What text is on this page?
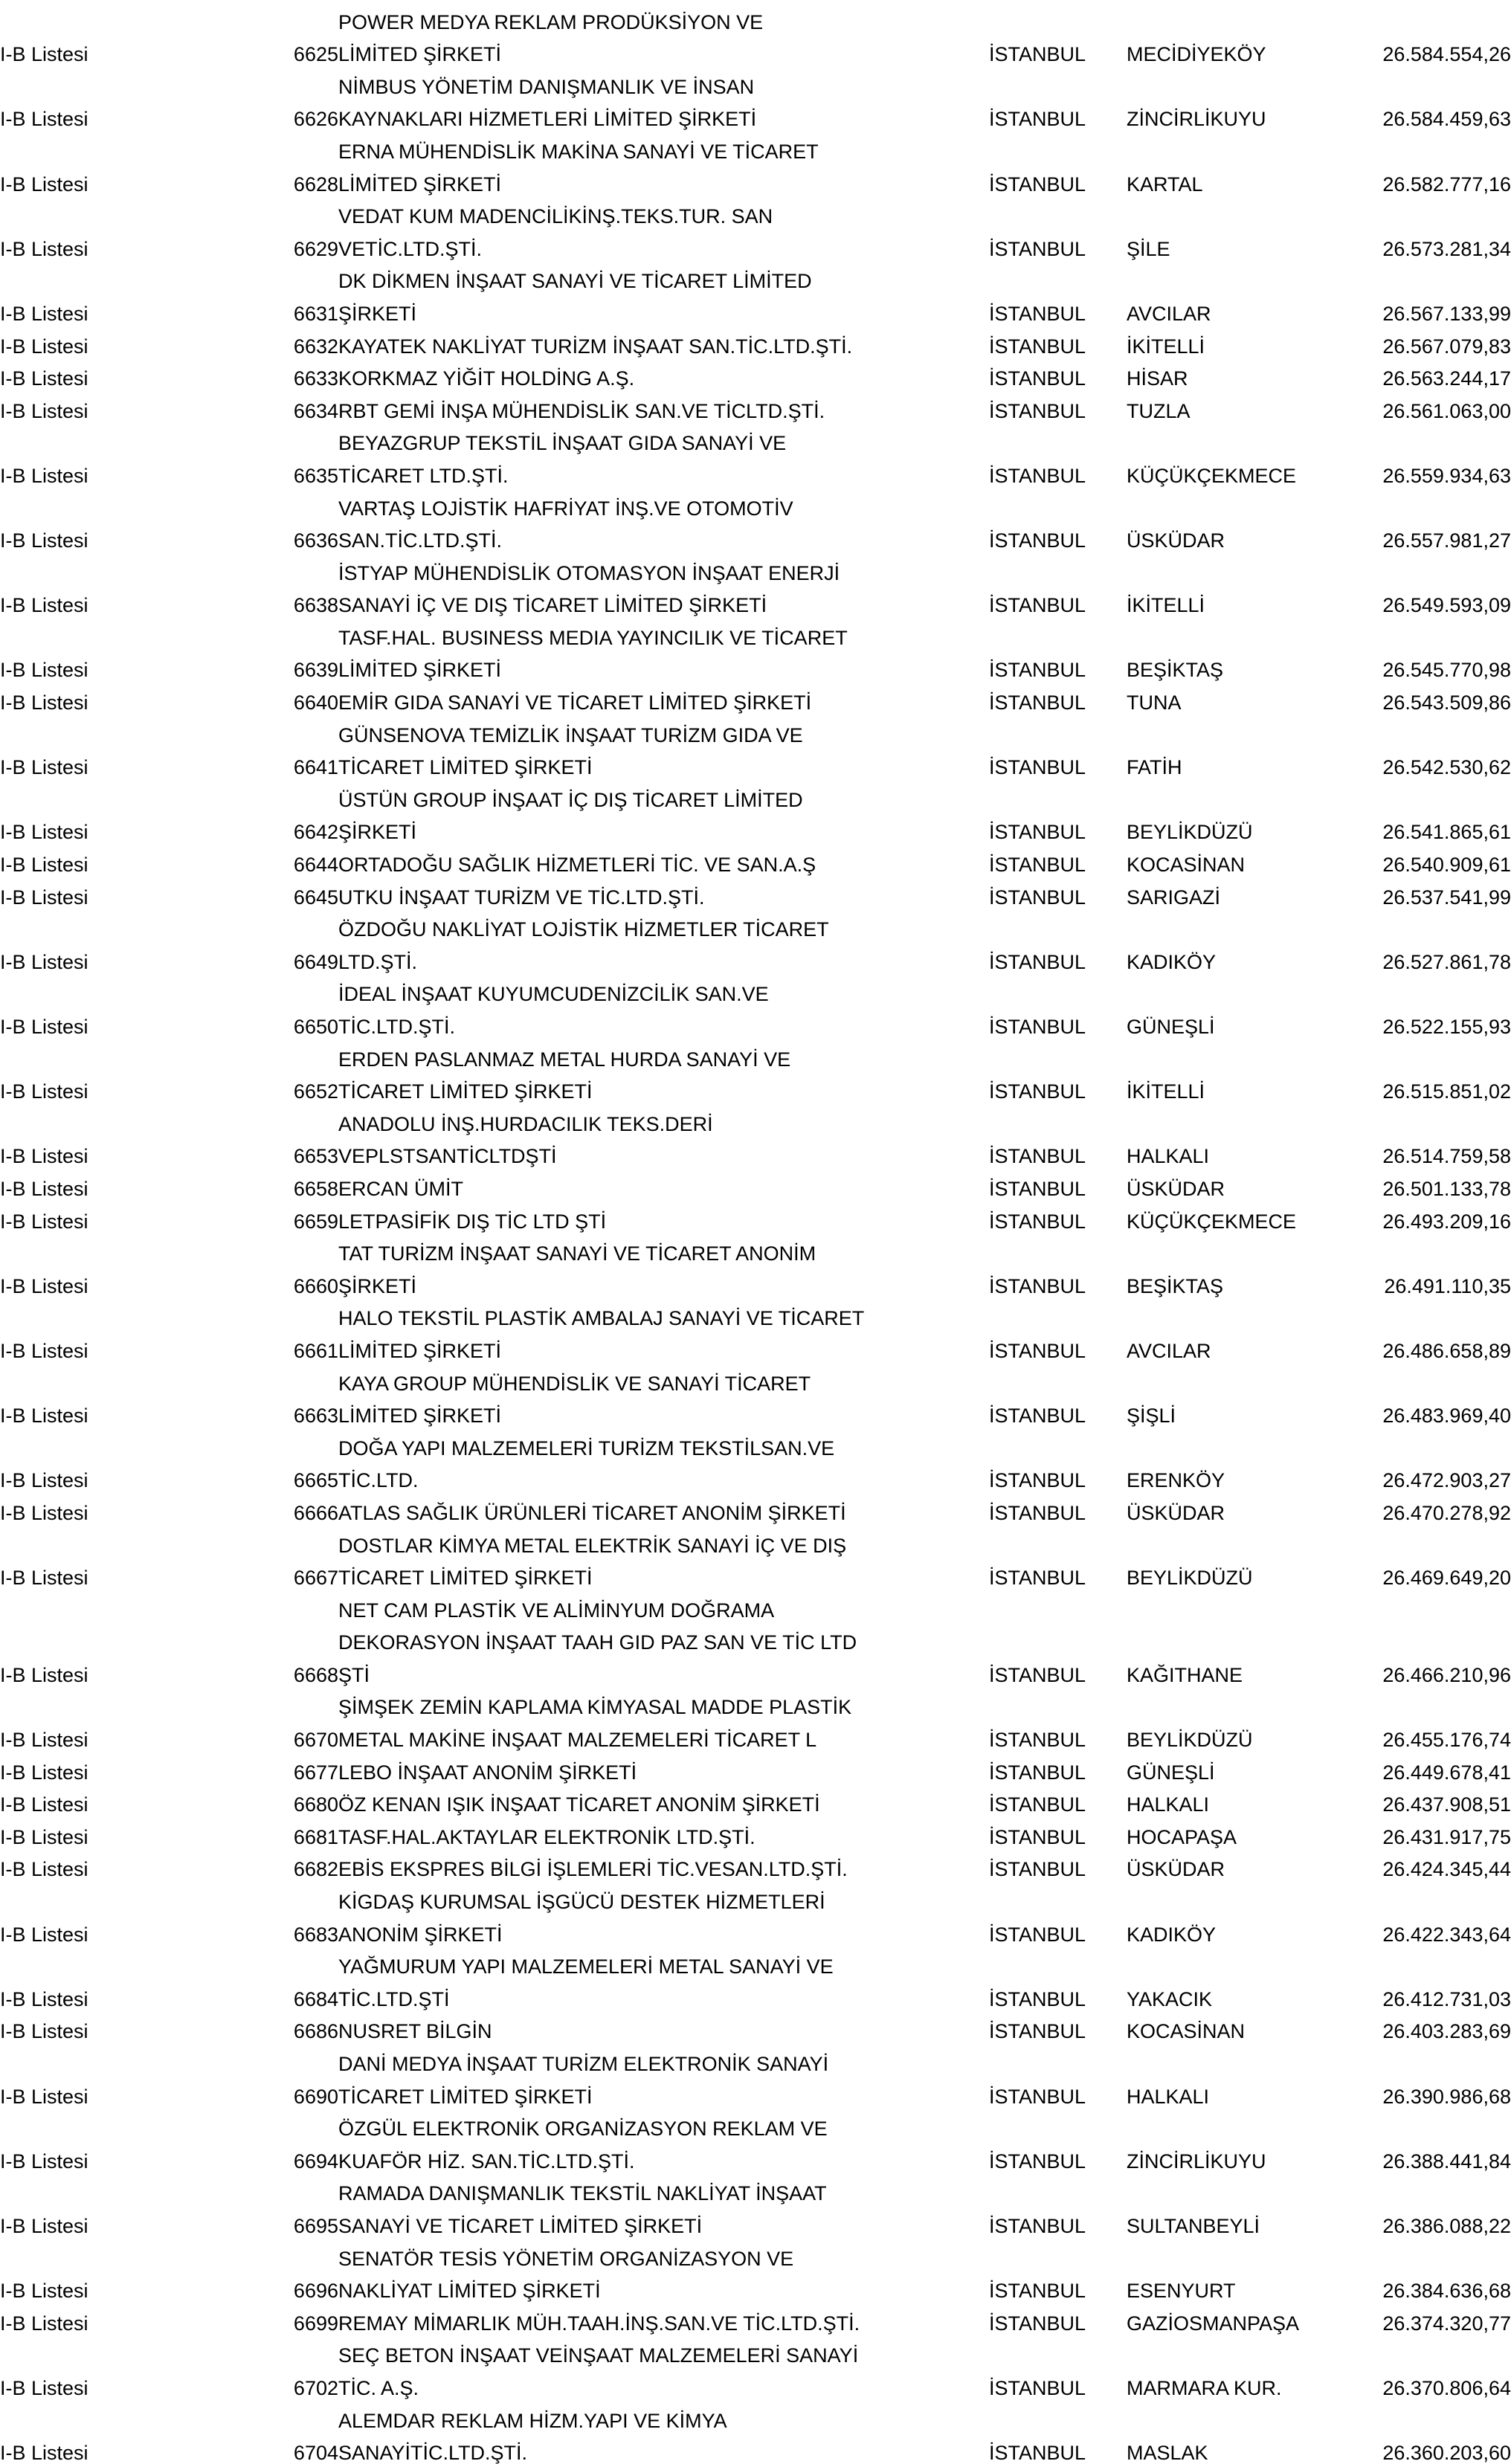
		POWER MEDYA REKLAM PRODÜKSİYON VE			
I-B Listesi	6625	LİMİTED ŞİRKETİ	İSTANBUL	MECİDİYEKÖY	26.584.554,26
		NİMBUS YÖNETİM DANIŞMANLIK VE İNSAN			
I-B Listesi	6626	KAYNAKLARI HİZMETLERİ LİMİTED ŞİRKETİ	İSTANBUL	ZİNCİRLİKUYU	26.584.459,63
		ERNA MÜHENDİSLİK MAKİNA SANAYİ VE TİCARET			
I-B Listesi	6628	LİMİTED ŞİRKETİ	İSTANBUL	KARTAL	26.582.777,16
		VEDAT KUM MADENCİLİKİNŞ.TEKS.TUR. SAN			
I-B Listesi	6629	VETİC.LTD.ŞTİ.	İSTANBUL	ŞİLE	26.573.281,34
		DK DİKMEN İNŞAAT SANAYİ VE TİCARET LİMİTED			
I-B Listesi	6631	ŞİRKETİ	İSTANBUL	AVCILAR	26.567.133,99
I-B Listesi	6632	KAYATEK NAKLİYAT TURİZM İNŞAAT SAN.TİC.LTD.ŞTİ.	İSTANBUL	İKİTELLİ	26.567.079,83
I-B Listesi	6633	KORKMAZ YİĞİT HOLDİNG A.Ş.	İSTANBUL	HİSAR	26.563.244,17
I-B Listesi	6634	RBT GEMİ İNŞA MÜHENDİSLİK SAN.VE TİCLTD.ŞTİ.	İSTANBUL	TUZLA	26.561.063,00
		BEYAZGRUP TEKSTİL İNŞAAT GIDA SANAYİ VE			
I-B Listesi	6635	TİCARET LTD.ŞTİ.	İSTANBUL	KÜÇÜKÇEKMECE	26.559.934,63
		VARTAŞ LOJİSTİK HAFRİYAT İNŞ.VE OTOMOTİV			
I-B Listesi	6636	SAN.TİC.LTD.ŞTİ.	İSTANBUL	ÜSKÜDAR	26.557.981,27
		İSTYAP MÜHENDİSLİK OTOMASYON İNŞAAT ENERJİ			
I-B Listesi	6638	SANAYİ İÇ VE DIŞ TİCARET LİMİTED ŞİRKETİ	İSTANBUL	İKİTELLİ	26.549.593,09
		TASF.HAL. BUSINESS MEDIA YAYINCILIK VE TİCARET			
I-B Listesi	6639	LİMİTED ŞİRKETİ	İSTANBUL	BEŞİKTAŞ	26.545.770,98
I-B Listesi	6640	EMİR GIDA SANAYİ VE TİCARET LİMİTED ŞİRKETİ	İSTANBUL	TUNA	26.543.509,86
		GÜNSENOVA TEMİZLİK İNŞAAT TURİZM GIDA VE			
I-B Listesi	6641	TİCARET LİMİTED ŞİRKETİ	İSTANBUL	FATİH	26.542.530,62
		ÜSTÜN GROUP İNŞAAT İÇ DIŞ TİCARET LİMİTED			
I-B Listesi	6642	ŞİRKETİ	İSTANBUL	BEYLİKDÜZÜ	26.541.865,61
I-B Listesi	6644	ORTADOĞU SAĞLIK HİZMETLERİ TİC. VE SAN.A.Ş	İSTANBUL	KOCASİNAN	26.540.909,61
I-B Listesi	6645	UTKU İNŞAAT TURİZM VE TİC.LTD.ŞTİ.	İSTANBUL	SARIGAZİ	26.537.541,99
		ÖZDOĞU NAKLİYAT LOJİSTİK HİZMETLER TİCARET			
I-B Listesi	6649	LTD.ŞTİ.	İSTANBUL	KADIKÖY	26.527.861,78
		İDEAL İNŞAAT KUYUMCUDENİZCİLİK SAN.VE			
I-B Listesi	6650	TİC.LTD.ŞTİ.	İSTANBUL	GÜNEŞLİ	26.522.155,93
		ERDEN PASLANMAZ METAL HURDA SANAYİ VE			
I-B Listesi	6652	TİCARET LİMİTED ŞİRKETİ	İSTANBUL	İKİTELLİ	26.515.851,02
		ANADOLU İNŞ.HURDACILIK TEKS.DERİ			
I-B Listesi	6653	VEPLSTSANTİCLTDŞTİ	İSTANBUL	HALKALI	26.514.759,58
I-B Listesi	6658	ERCAN ÜMİT	İSTANBUL	ÜSKÜDAR	26.501.133,78
I-B Listesi	6659	LETPASİFİK DIŞ TİC LTD ŞTİ	İSTANBUL	KÜÇÜKÇEKMECE	26.493.209,16
		TAT TURİZM İNŞAAT SANAYİ VE TİCARET ANONİM			
I-B Listesi	6660	ŞİRKETİ	İSTANBUL	BEŞİKTAŞ	26.491.110,35
		HALO TEKSTİL PLASTİK AMBALAJ SANAYİ VE TİCARET			
I-B Listesi	6661	LİMİTED ŞİRKETİ	İSTANBUL	AVCILAR	26.486.658,89
		KAYA GROUP MÜHENDİSLİK VE SANAYİ TİCARET			
I-B Listesi	6663	LİMİTED ŞİRKETİ	İSTANBUL	ŞİŞLİ	26.483.969,40
		DOĞA YAPI MALZEMELERİ TURİZM TEKSTİLSAN.VE			
I-B Listesi	6665	TİC.LTD.	İSTANBUL	ERENKÖY	26.472.903,27
I-B Listesi	6666	ATLAS SAĞLIK ÜRÜNLERİ TİCARET ANONİM ŞİRKETİ	İSTANBUL	ÜSKÜDAR	26.470.278,92
		DOSTLAR KİMYA METAL ELEKTRİK SANAYİ İÇ VE DIŞ			
I-B Listesi	6667	TİCARET LİMİTED ŞİRKETİ	İSTANBUL	BEYLİKDÜZÜ	26.469.649,20
		NET CAM PLASTİK VE ALİMİNYUM DOĞRAMA			
		DEKORASYON İNŞAAT TAAH GID PAZ SAN VE TİC LTD			
I-B Listesi	6668	ŞTİ	İSTANBUL	KAĞITHANE	26.466.210,96
		ŞİMŞEK ZEMİN KAPLAMA KİMYASAL MADDE PLASTİK			
I-B Listesi	6670	METAL MAKİNE İNŞAAT MALZEMELERİ TİCARET L	İSTANBUL	BEYLİKDÜZÜ	26.455.176,74
I-B Listesi	6677	LEBO İNŞAAT ANONİM ŞİRKETİ	İSTANBUL	GÜNEŞLİ	26.449.678,41
I-B Listesi	6680	ÖZ KENAN IŞIK İNŞAAT TİCARET ANONİM ŞİRKETİ	İSTANBUL	HALKALI	26.437.908,51
I-B Listesi	6681	TASF.HAL.AKTAYLAR ELEKTRONİK LTD.ŞTİ.	İSTANBUL	HOCAPAŞA	26.431.917,75
I-B Listesi	6682	EBİS EKSPRES BİLGİ İŞLEMLERİ TİC.VESAN.LTD.ŞTİ.	İSTANBUL	ÜSKÜDAR	26.424.345,44
		KİGDAŞ KURUMSAL İŞGÜCÜ DESTEK HİZMETLERİ			
I-B Listesi	6683	ANONİM ŞİRKETİ	İSTANBUL	KADIKÖY	26.422.343,64
		YAĞMURUM YAPI MALZEMELERİ METAL SANAYİ VE			
I-B Listesi	6684	TİC.LTD.ŞTİ	İSTANBUL	YAKACIK	26.412.731,03
I-B Listesi	6686	NUSRET BİLGİN	İSTANBUL	KOCASİNAN	26.403.283,69
		DANİ MEDYA İNŞAAT TURİZM ELEKTRONİK SANAYİ			
I-B Listesi	6690	TİCARET LİMİTED ŞİRKETİ	İSTANBUL	HALKALI	26.390.986,68
		ÖZGÜL ELEKTRONİK ORGANİZASYON REKLAM VE			
I-B Listesi	6694	KUAFÖR HİZ. SAN.TİC.LTD.ŞTİ.	İSTANBUL	ZİNCİRLİKUYU	26.388.441,84
		RAMADA DANIŞMANLIK TEKSTİL NAKLİYAT İNŞAAT			
I-B Listesi	6695	SANAYİ VE TİCARET LİMİTED ŞİRKETİ	İSTANBUL	SULTANBEYLİ	26.386.088,22
		SENATÖR TESİS YÖNETİM ORGANİZASYON VE			
I-B Listesi	6696	NAKLİYAT LİMİTED ŞİRKETİ	İSTANBUL	ESENYURT	26.384.636,68
I-B Listesi	6699	REMAY MİMARLIK MÜH.TAAH.İNŞ.SAN.VE TİC.LTD.ŞTİ.	İSTANBUL	GAZİOSMANPAŞA	26.374.320,77
		SEÇ BETON İNŞAAT VEİNŞAAT MALZEMELERİ SANAYİ			
I-B Listesi	6702	TİC. A.Ş.	İSTANBUL	MARMARA KUR.	26.370.806,64
		ALEMDAR REKLAM HİZM.YAPI VE KİMYA			
I-B Listesi	6704	SANAYİTİC.LTD.ŞTİ.	İSTANBUL	MASLAK	26.360.203,60
